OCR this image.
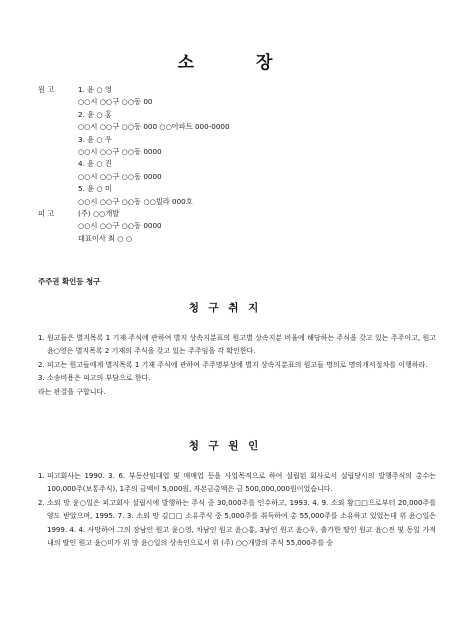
소 장
원 고	1. 윤 ○ 영
○○시 ○○구 ○○동 00
2. 윤 ○ 홍
○○시 ○○구 ○○동 000 ○○아파트 000-0000
3. 윤 ○ 우
○○시 ○○구 ○○동 0000
4. 윤 ○ 진
○○시 ○○구 ○○동 0000
5. 윤 ○ 미
○○시 ○○구 ○○동 ○○빌라 000호
피 고	(주) ○○개발
○○시 ○○구 ○○동 0000
대표이사 최 ○ ○
주주권 확인등 청구
청 구 취 지
1. 원고들은 별지목록 1 기재 주식에 관하여 별지 상속지분표의 원고별 상속지분 비율에 해당하는 주식을 갖고 있는 주주이고, 원고 윤○영은 별지목록 2 기재의 주식을 갖고 있는 주주임을 각 확인한다.
2. 피고는 원고들에게 별지목록 1 기재 주식에 관하여 주주명부상에 별지 상속지분표의 원고들 명의로 명의개서절차를 이행하라.
3. 소송비용은 피고의 부담으로 한다.

라는 판결을 구합니다.

청 구 원 인
1. 피고회사는 1990. 3. 6. 부동산임대업 및 매매업 등을 사업목적으로 하여 설립된 회사로서 설립당시의 발행주식의 총수는 100,000주(보통주식), 1주의 금액이 5,000원, 자본금총액은 금 500,000,000원이었습니다.
2. 소외 망 윤○일은 피고회사 설립시에 발행하는 주식 중 30,000주를 인수하고, 1993. 4. 9. 소외 황□□으로부터 20,000주를 양도 받았으며, 1995. 7. 3. 소외 망 김□□ 소유주식 중 5,000주를 취득하여 총 55,000주를 소유하고 있었는데 위 윤○일은 1999. 4. 4. 사망하여 그의 장남인 원고 윤○영, 차남인 원고 윤○홍, 3남인 원고 윤○우, 출가한 딸인 원고 윤○진 및 동일 가적내의 딸인 원고 윤○미가 위 망 윤○일의 상속인으로서 위 (주) ○○개발의 주식 55,000주를 승
